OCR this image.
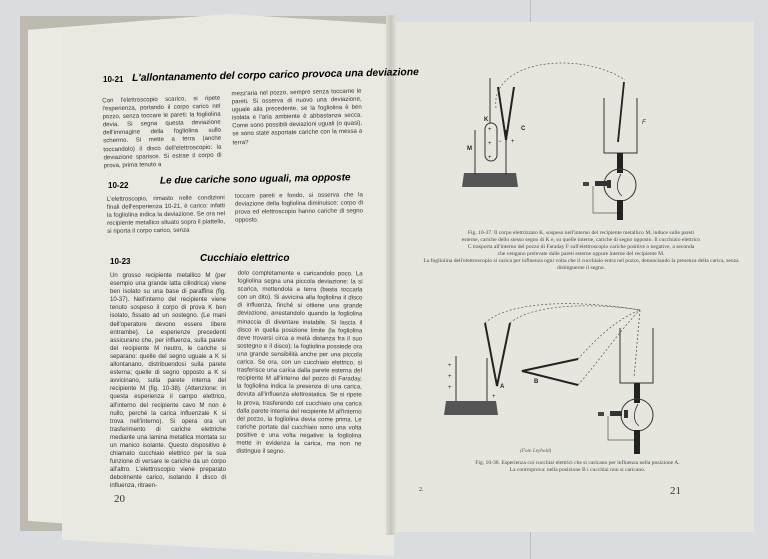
10-21 L'allontanamento del corpo carico provoca una deviazione
Con l'elettroscopio scarico, si ripete l'esperienza, portando il corpo carico nel pozzo, senza toccare le pareti: la fogliolina devia. Si segna questa deviazione dell'immagine della fogliolina sullo schermo. Si mette a terra (anche toccandolo) il disco dell'elettroscopio: la deviazione sparisce. Si estrae il corpo di prova, prima tenuto a
mezz'aria nel pozzo, sempre senza toccarne le pareti. Si osserva di nuovo una deviazione, uguale alla precedente, se la fogliolina è ben isolata e l'aria ambiente è abbastanza secca. Come sono possibili deviazioni uguali (o quasi), se sono state asportate cariche con la messa a terra?
10-22	Le due cariche sono uguali, ma opposte
L'elettroscopio, rimasto nelle condizioni finali dell'esperienza 10-21, è carico: infatti la fogliolina indica la deviazione. Se ora nel recipiente metallico situato sopra il piattello, si riporta il corpo carico, senza
toccare pareti e fondo, si osserva che la deviazione della fogliolina diminuisce: corpo di prova ed elettroscopio hanno cariche di segno opposto.
10-23	Cucchiaio elettrico
Un grosso recipiente metallico M (per esempio una grande latta cilindrica) viene ben isolato su una base di paraffina (fig. 10-37). Nell'interno del recipiente viene tenuto sospeso il corpo di prova K ben isolato, fissato ad un sostegno. (Le mani dell'operatore devono essere libere entrambe). Le esperienze precedenti assicurano che, per influenza, sulla parete del recipiente M neutro, le cariche si separano: quelle del segno uguale a K si allontanano, distribuendosi sulla parete esterna; quelle di segno opposto a K si avvicinano, sulla parete interna del recipiente M (fig. 10-38). (Attenzione: in questa esperienza il campo elettrico, all'interno del recipiente cavo M non è nullo, perché la carica influenzale K si trova nell'interno). Si opera ora un trasferimento di cariche elettriche mediante una lamina metallica montata su un manico isolante. Questo dispositivo è chiamato cucchiaio elettrico per la sua funzione di versare le cariche da un corpo all'altro. L'elettroscopio viene preparato debolmente carico, isolando il disco di influenza, ritraen-
dolo completamente e caricandolo poco. La fogliolina segna una piccola deviazione: la si scarica, mettendola a terra (basta toccarla con un dito). Si avvicina alla fogliolina il disco di influenza, finché si ottiene una grande deviazione, arrestandolo quando la fogliolina minaccia di diventare instabile. Si lascia il disco in quella posizione limite (la fogliolina deve trovarsi circa a metà distanza fra il suo sostegno e il disco); la fogliolina possiede ora una grande sensibilità anche per una piccola carica. Se ora, con un cucchiaio elettrico, si trasferisce una carica dalla parete esterna del recipiente M all'interno del pozzo di Faraday, la fogliolina indica la presenza di una carica, dovuta all'influenza elettrostatica. Se si ripete la prova, trasferendo col cucchiaio una carica dalla parete interna del recipiente M all'interno del pozzo, la fogliolina devia come prima. Le cariche portate dal cucchiaio sono una volta positive e una volta negative: la fogliolina mette in evidenza la carica, ma non ne distingue il segno.
20
+
+
+
− +
K
C
M
F
Fig. 10-37. Il corpo elettrizzato K, sospeso nell'interno del recipiente metallico M, induce sulle pareti
esterne, cariche dello stesso segno di K e, su quelle interne, cariche di segno opposto. Il cucchiaio elettrico
C trasporta all'interno del pozzo di Faraday F sull'elettroscopio cariche positive o negative, a seconda
che vengano prelevate dalle pareti esterne oppure interne del recipiente M.
La fogliolina dell'elettroscopio si carica per influenza ogni volta che il cucchiaio entra nel pozzo, denunciando la presenza della carica, senza distinguerne il segno.
+
+
+
+
A
B
(Foto Leybold)
Fig. 10-38. Esperienza coi cucchiai elettrici che si caricano per influenza nella posizione A.
La controprova: nella posizione B i cucchiai non si caricano.
2.	21
